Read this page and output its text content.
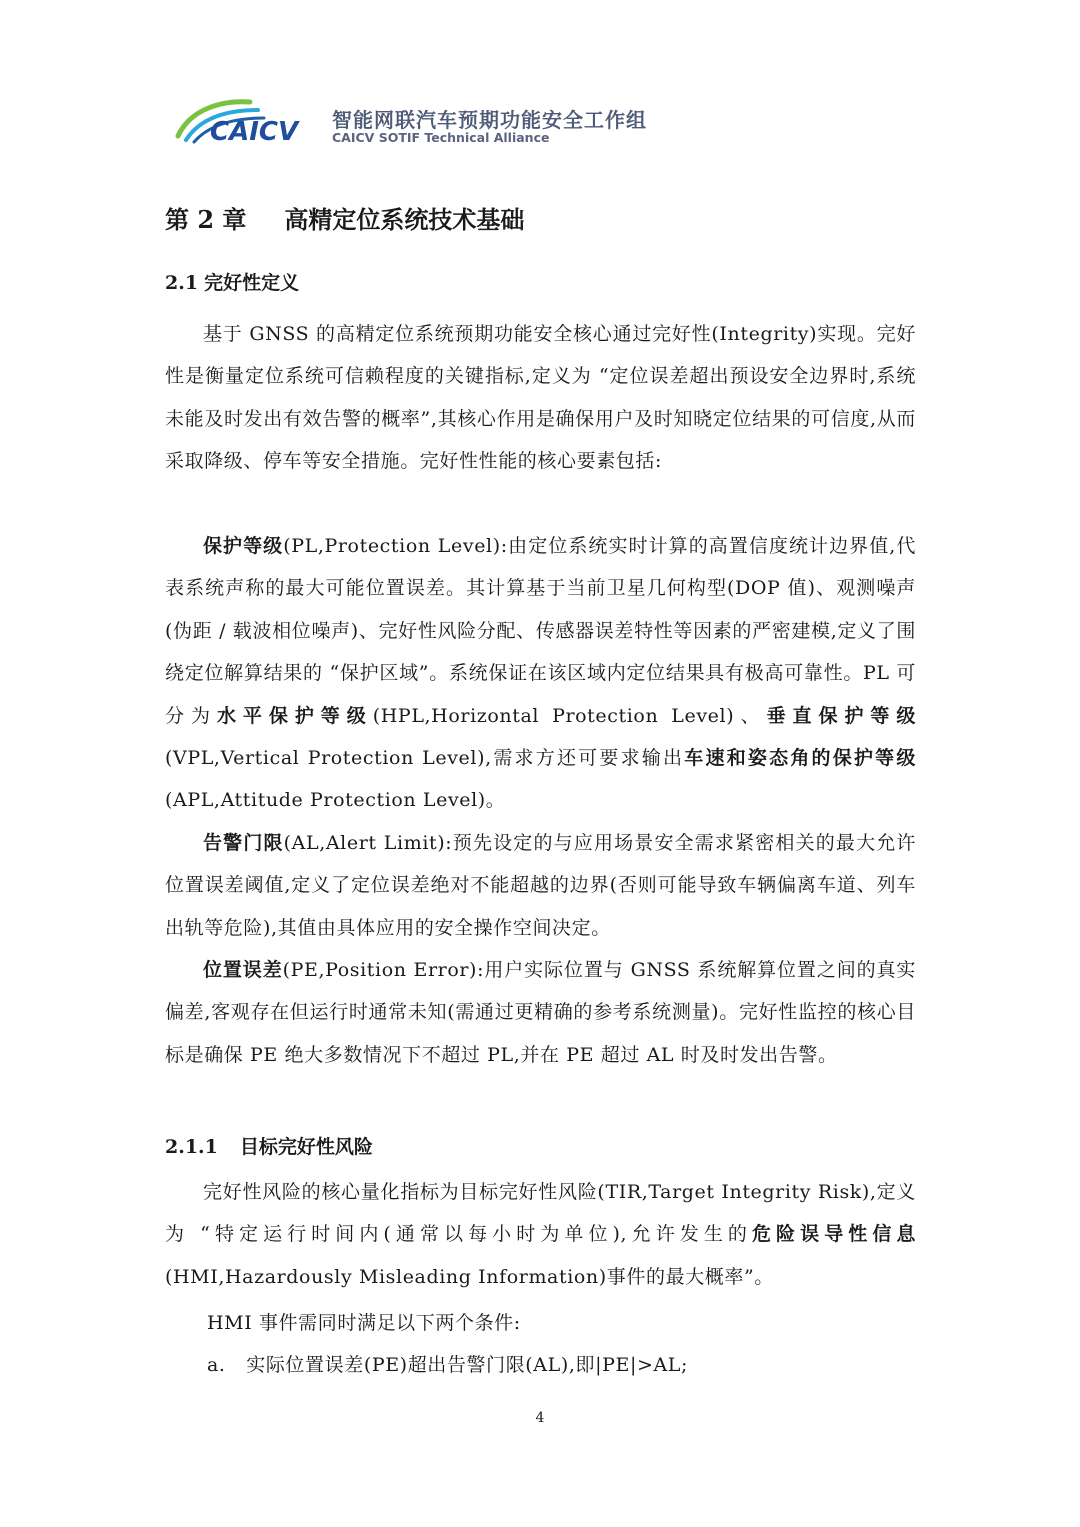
CAICV 智能网联汽车预期功能安全工作组
CAICV SOTIF Technical Alliance
第 2 章 高精定位系统技术基础
2.1 完好性定义

基于 GNSS 的高精定位系统预期功能安全核心通过完好性(Integrity)实现。完好性是衡量定位系统可信赖程度的关键指标,定义为 “定位误差超出预设安全边界时,系统未能及时发出有效告警的概率”,其核心作用是确保用户及时知晓定位结果的可信度,从而采取降级、停车等安全措施。完好性性能的核心要素包括:

保护等级(PL,Protection Level):由定位系统实时计算的高置信度统计边界值,代表系统声称的最大可能位置误差。其计算基于当前卫星几何构型(DOP 值)、观测噪声(伪距 / 载波相位噪声)、完好性风险分配、传感器误差特性等因素的严密建模,定义了围绕定位解算结果的 “保护区域”。系统保证在该区域内定位结果具有极高可靠性。PL 可分为水平保护等级(HPL,Horizontal Protection Level)、垂直保护等级(VPL,Vertical Protection Level),需求方还可要求输出车速和姿态角的保护等级(APL,Attitude Protection Level)。

告警门限(AL,Alert Limit):预先设定的与应用场景安全需求紧密相关的最大允许位置误差阈值,定义了定位误差绝对不能超越的边界(否则可能导致车辆偏离车道、列车出轨等危险),其值由具体应用的安全操作空间决定。

位置误差(PE,Position Error):用户实际位置与 GNSS 系统解算位置之间的真实偏差,客观存在但运行时通常未知(需通过更精确的参考系统测量)。完好性监控的核心目标是确保 PE 绝大多数情况下不超过 PL,并在 PE 超过 AL 时及时发出告警。

2.1.1 目标完好性风险

完好性风险的核心量化指标为目标完好性风险(TIR,Target Integrity Risk),定义为 “特定运行时间内(通常以每小时为单位),允许发生的危险误导性信息(HMI,Hazardously Misleading Information)事件的最大概率”。

HMI 事件需同时满足以下两个条件:
a. 实际位置误差(PE)超出告警门限(AL),即|PE|>AL;
4
